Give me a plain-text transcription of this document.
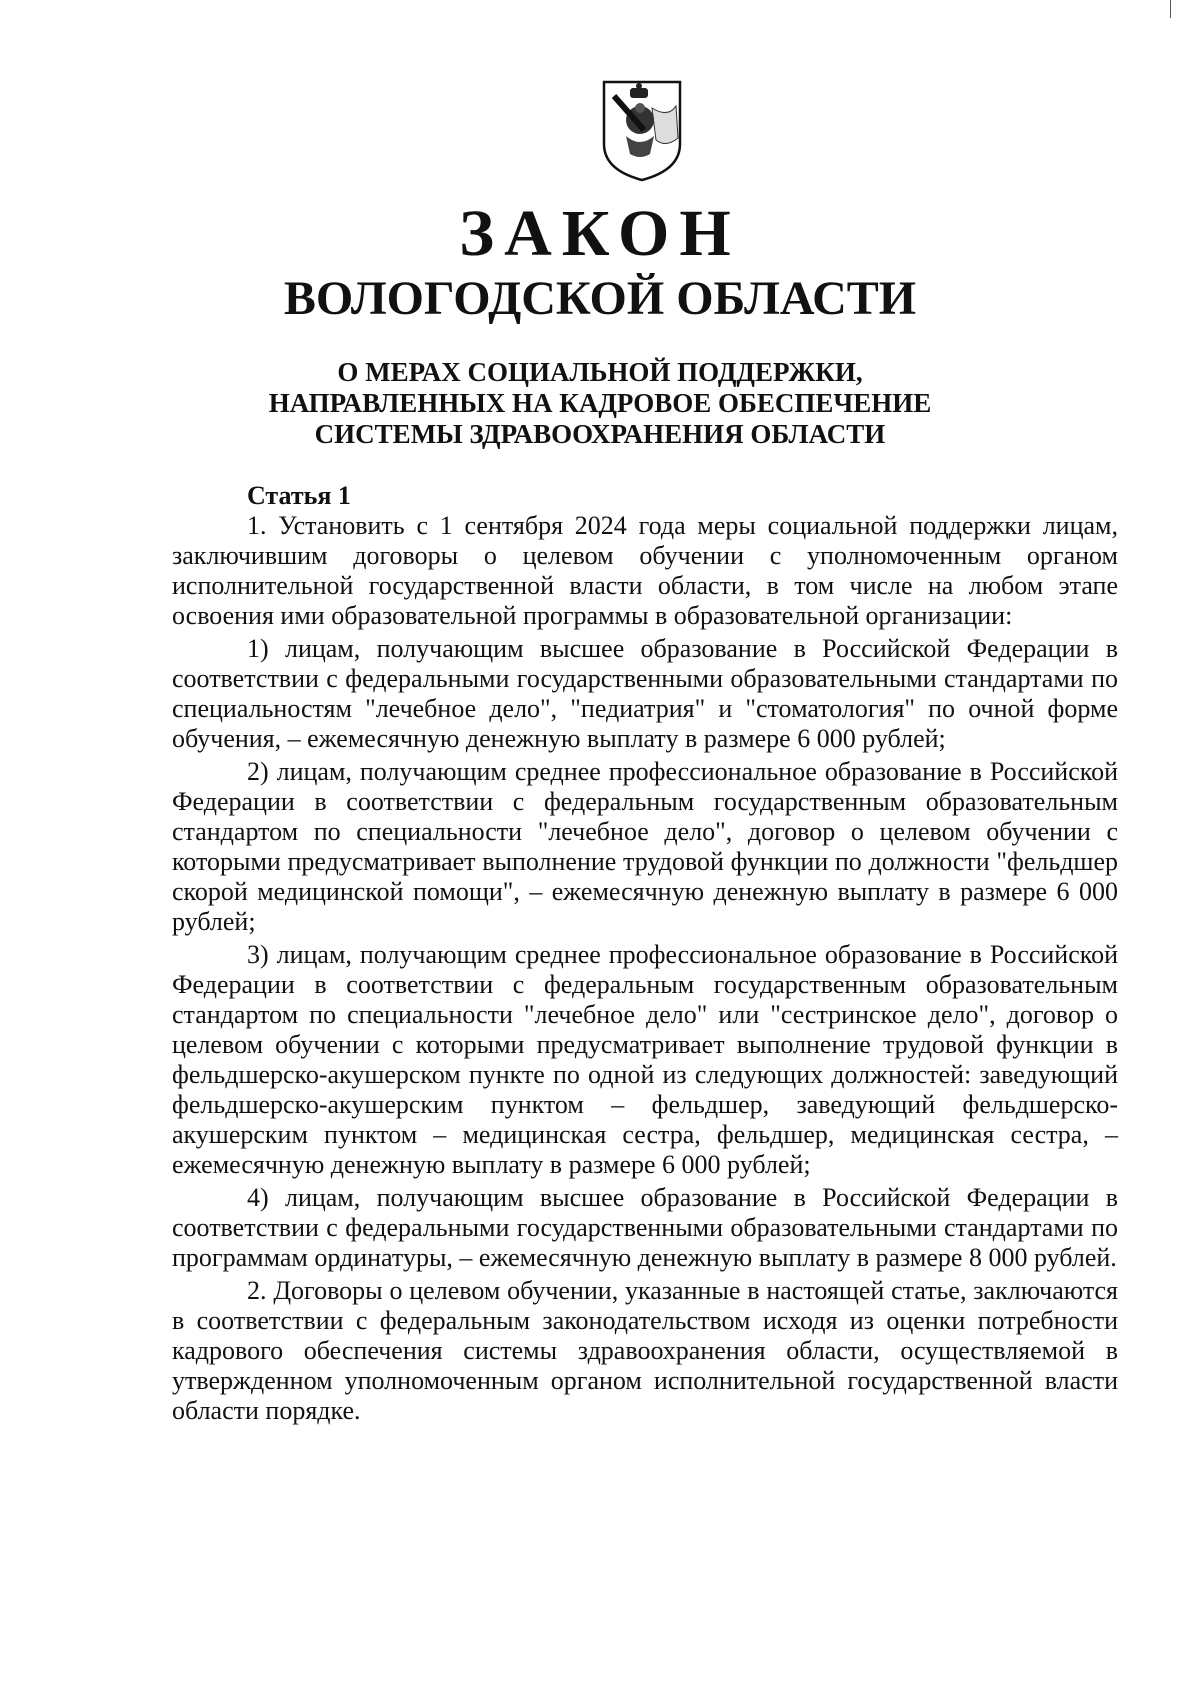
ЗАКОН
ВОЛОГОДСКОЙ ОБЛАСТИ
О МЕРАХ СОЦИАЛЬНОЙ ПОДДЕРЖКИ,
НАПРАВЛЕННЫХ НА КАДРОВОЕ ОБЕСПЕЧЕНИЕ
СИСТЕМЫ ЗДРАВООХРАНЕНИЯ ОБЛАСТИ
Статья 1

1. Установить с 1 сентября 2024 года меры социальной поддержки лицам, заключившим договоры о целевом обучении с уполномоченным органом исполнительной государственной власти области, в том числе на любом этапе освоения ими образовательной программы в образовательной организации:

1) лицам, получающим высшее образование в Российской Федерации в соответствии с федеральными государственными образовательными стандартами по специальностям "лечебное дело", "педиатрия" и "стоматология" по очной форме обучения, – ежемесячную денежную выплату в размере 6 000 рублей;

2) лицам, получающим среднее профессиональное образование в Российской Федерации в соответствии с федеральным государственным образовательным стандартом по специальности "лечебное дело", договор о целевом обучении с которыми предусматривает выполнение трудовой функции по должности "фельдшер скорой медицинской помощи", – ежемесячную денежную выплату в размере 6 000 рублей;

3) лицам, получающим среднее профессиональное образование в Российской Федерации в соответствии с федеральным государственным образовательным стандартом по специальности "лечебное дело" или "сестринское дело", договор о целевом обучении с которыми предусматривает выполнение трудовой функции в фельдшерско-акушерском пункте по одной из следующих должностей: заведующий фельдшерско-акушерским пунктом – фельдшер, заведующий фельдшерско-акушерским пунктом – медицинская сестра, фельдшер, медицинская сестра, – ежемесячную денежную выплату в размере 6 000 рублей;

4) лицам, получающим высшее образование в Российской Федерации в соответствии с федеральными государственными образовательными стандартами по программам ординатуры, – ежемесячную денежную выплату в размере 8 000 рублей.

2. Договоры о целевом обучении, указанные в настоящей статье, заключаются в соответствии с федеральным законодательством исходя из оценки потребности кадрового обеспечения системы здравоохранения области, осуществляемой в утвержденном уполномоченным органом исполнительной государственной власти области порядке.
